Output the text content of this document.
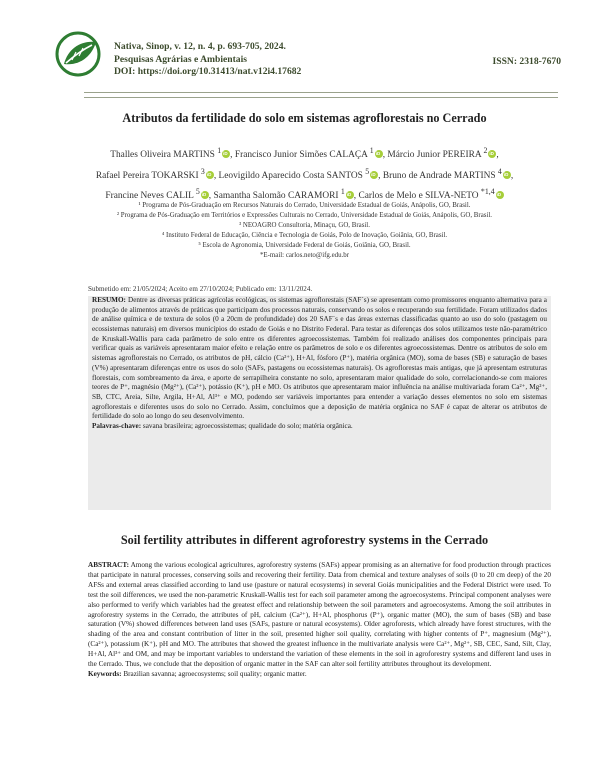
Nativa, Sinop, v. 12, n. 4, p. 693-705, 2024.
Pesquisas Agrárias e Ambientais
DOI: https://doi.org/10.31413/nat.v12i4.17682
ISSN: 2318-7670
Atributos da fertilidade do solo em sistemas agroflorestais no Cerrado
Thalles Oliveira MARTINS $^1$ iD , Francisco Junior Simões CALAÇA $^1$ iD , Márcio Junior PEREIRA $^2$ iD ,
Rafael Pereira TOKARSKI $^3$ iD , Leovigildo Aparecido Costa SANTOS $^5$ iD , Bruno de Andrade MARTINS $^4$ iD ,
Francine Neves CALIL $^5$ iD , Samantha Salomão CARAMORI $^1$ iD , Carlos de Melo e SILVA-NETO $^{*1,4}$iD
¹ Programa de Pós-Graduação em Recursos Naturais do Cerrado, Universidade Estadual de Goiás, Anápolis, GO, Brasil.
² Programa de Pós-Graduação em Territórios e Expressões Culturais no Cerrado, Universidade Estadual de Goiás, Anápolis, GO, Brasil.
³ NEOAGRO Consultoria, Minaçu, GO, Brasil.
⁴ Instituto Federal de Educação, Ciência e Tecnologia de Goiás, Polo de Inovação, Goiânia, GO, Brasil.
⁵ Escola de Agronomia, Universidade Federal de Goiás, Goiânia, GO, Brasil.
*E-mail: carlos.neto@ifg.edu.br
Submetido em: 21/05/2024; Aceito em 27/10/2024; Publicado em: 13/11/2024.
RESUMO: Dentre as diversas práticas agrícolas ecológicas, os sistemas agroflorestais (SAF´s) se apresentam como promissores enquanto alternativa para a produção de alimentos através de práticas que participam dos processos naturais, conservando os solos e recuperando sua fertilidade. Foram utilizados dados de análise química e de textura de solos (0 a 20cm de profundidade) dos 20 SAF´s e das áreas externas classificadas quanto ao uso do solo (pastagem ou ecossistemas naturais) em diversos municípios do estado de Goiás e no Distrito Federal. Para testar as diferenças dos solos utilizamos teste não-paramétrico de Kruskall-Wallis para cada parâmetro de solo entre os diferentes agroecossistemas. Também foi realizado análises dos componentes principais para verificar quais as variáveis apresentaram maior efeito e relação entre os parâmetros de solo e os diferentes agroecossistemas. Dentre os atributos de solo em sistemas agroflorestais no Cerrado, os atributos de pH, cálcio (Ca²⁺), H+Al, fósforo (P⁺), matéria orgânica (MO), soma de bases (SB) e saturação de bases (V%) apresentaram diferenças entre os usos do solo (SAFs, pastagens ou ecossistemas naturais). Os agroflorestas mais antigas, que já apresentam estruturas florestais, com sombreamento da área, e aporte de serrapilheira constante no solo, apresentaram maior qualidade do solo, correlacionando-se com maiores teores de P⁺, magnésio (Mg²⁺), (Ca²⁺), potássio (K⁺), pH e MO. Os atributos que apresentaram maior influência na análise multivariada foram Ca²⁺, Mg²⁺, SB, CTC, Areia, Silte, Argila, H+Al, Al³⁺ e MO, podendo ser variáveis importantes para entender a variação desses elementos no solo em sistemas agroflorestais e diferentes usos do solo no Cerrado. Assim, concluímos que a deposição de matéria orgânica no SAF é capaz de alterar os atributos de fertilidade do solo ao longo do seu desenvolvimento.
Palavras-chave: savana brasileira; agroecossistemas; qualidade do solo; matéria orgânica.
Soil fertility attributes in different agroforestry systems in the Cerrado
ABSTRACT: Among the various ecological agricultures, agroforestry systems (SAFs) appear promising as an alternative for food production through practices that participate in natural processes, conserving soils and recovering their fertility. Data from chemical and texture analyses of soils (0 to 20 cm deep) of the 20 AFSs and external areas classified according to land use (pasture or natural ecosystems) in several Goiás municipalities and the Federal District were used. To test the soil differences, we used the non-parametric Kruskall-Wallis test for each soil parameter among the agroecosystems. Principal component analyses were also performed to verify which variables had the greatest effect and relationship between the soil parameters and agroecosystems. Among the soil attributes in agroforestry systems in the Cerrado, the attributes of pH, calcium (Ca²⁺), H+Al, phosphorus (P⁺), organic matter (MO), the sum of bases (SB) and base saturation (V%) showed differences between land uses (SAFs, pasture or natural ecosystems). Older agroforests, which already have forest structures, with the shading of the area and constant contribution of litter in the soil, presented higher soil quality, correlating with higher contents of P⁺, magnesium (Mg²⁺), (Ca²⁺), potassium (K⁺), pH and MO. The attributes that showed the greatest influence in the multivariate analysis were Ca²⁺, Mg²⁺, SB, CEC, Sand, Silt, Clay, H+Al, Al³⁺ and OM, and may be important variables to understand the variation of these elements in the soil in agroforestry systems and different land uses in the Cerrado. Thus, we conclude that the deposition of organic matter in the SAF can alter soil fertility attributes throughout its development.
Keywords: Brazilian savanna; agroecosystems; soil quality; organic matter.
